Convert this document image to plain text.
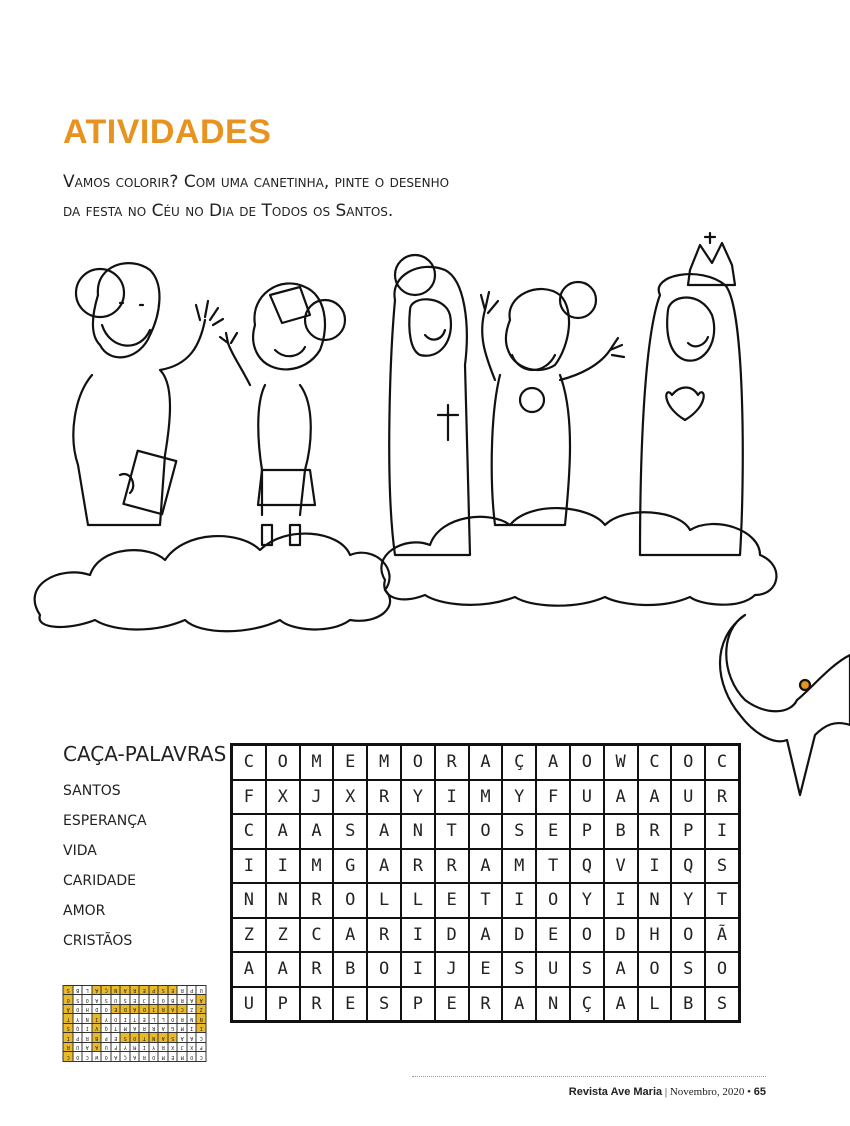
ATIVIDADES
Vamos colorir? Com uma canetinha, pinte o desenho
da festa no Céu no Dia de Todos os Santos.
CAÇA-PALAVRAS
SANTOS
ESPERANÇA
VIDA
CARIDADE
AMOR
CRISTÃOS
C	O	M	E	M	O	R	A	Ç	A	O	W	C	O	C
F	X	J	X	R	Y	I	M	Y	F	U	A	A	U	R
C	A	A	S	A	N	T	O	S	E	P	B	R	P	I
I	I	M	G	A	R	R	A	M	T	Q	V	I	Q	S
N	N	R	O	L	L	E	T	I	O	Y	I	N	Y	T
Z	Z	C	A	R	I	D	A	D	E	O	D	H	O	Ã
A	A	R	B	O	I	J	E	S	U	S	A	O	S	O
U	P	R	E	S	P	E	R	A	N	Ç	A	L	B	S
C	O	M	E	M	O	R	A	Ç	A	O	W	C	O	C
F	X	J	X	R	Y	I	M	Y	F	U	A	A	U	R
C	A	A	S	A	N	T	O	S	E	P	B	R	P	I
I	I	M	G	A	R	R	A	M	T	Q	V	I	Q	S
N	N	R	O	L	L	E	T	I	O	Y	I	N	Y	T
Z	Z	C	A	R	I	D	A	D	E	O	D	H	O	Ã
A	A	R	B	O	I	J	E	S	U	S	A	O	S	O
U	P	R	E	S	P	E	R	A	N	Ç	A	L	B	S
Revista Ave Maria | Novembro, 2020 • 65
